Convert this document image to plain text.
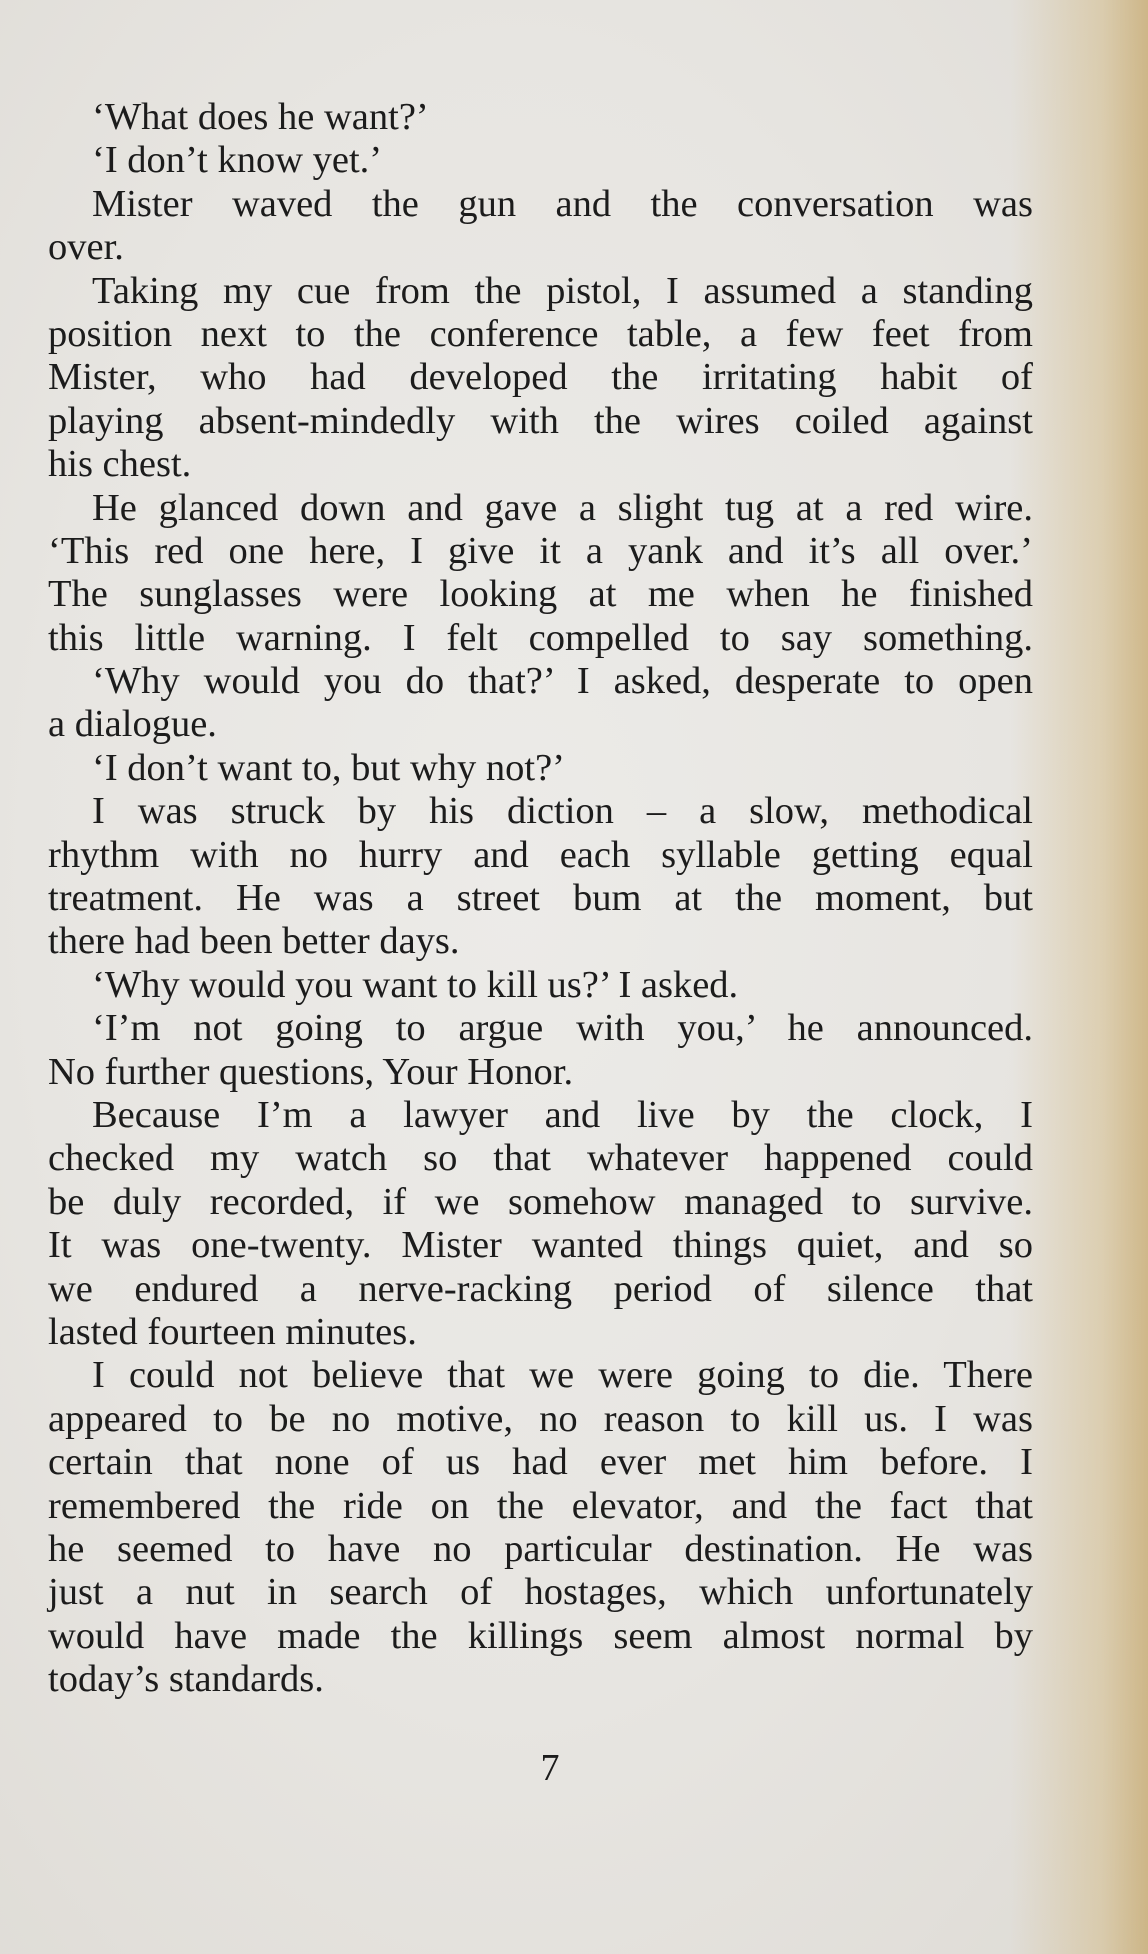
‘What does he want?’
‘I don’t know yet.’
Mister waved the gun and the conversation was
over.
Taking my cue from the pistol, I assumed a standing
position next to the conference table, a few feet from
Mister, who had developed the irritating habit of
playing absent-mindedly with the wires coiled against
his chest.
He glanced down and gave a slight tug at a red wire.
‘This red one here, I give it a yank and it’s all over.’
The sunglasses were looking at me when he finished
this little warning. I felt compelled to say something.
‘Why would you do that?’ I asked, desperate to open
a dialogue.
‘I don’t want to, but why not?’
I was struck by his diction – a slow, methodical
rhythm with no hurry and each syllable getting equal
treatment. He was a street bum at the moment, but
there had been better days.
‘Why would you want to kill us?’ I asked.
‘I’m not going to argue with you,’ he announced.
No further questions, Your Honor.
Because I’m a lawyer and live by the clock, I
checked my watch so that whatever happened could
be duly recorded, if we somehow managed to survive.
It was one-twenty. Mister wanted things quiet, and so
we endured a nerve-racking period of silence that
lasted fourteen minutes.
I could not believe that we were going to die. There
appeared to be no motive, no reason to kill us. I was
certain that none of us had ever met him before. I
remembered the ride on the elevator, and the fact that
he seemed to have no particular destination. He was
just a nut in search of hostages, which unfortunately
would have made the killings seem almost normal by
today’s standards.
7
